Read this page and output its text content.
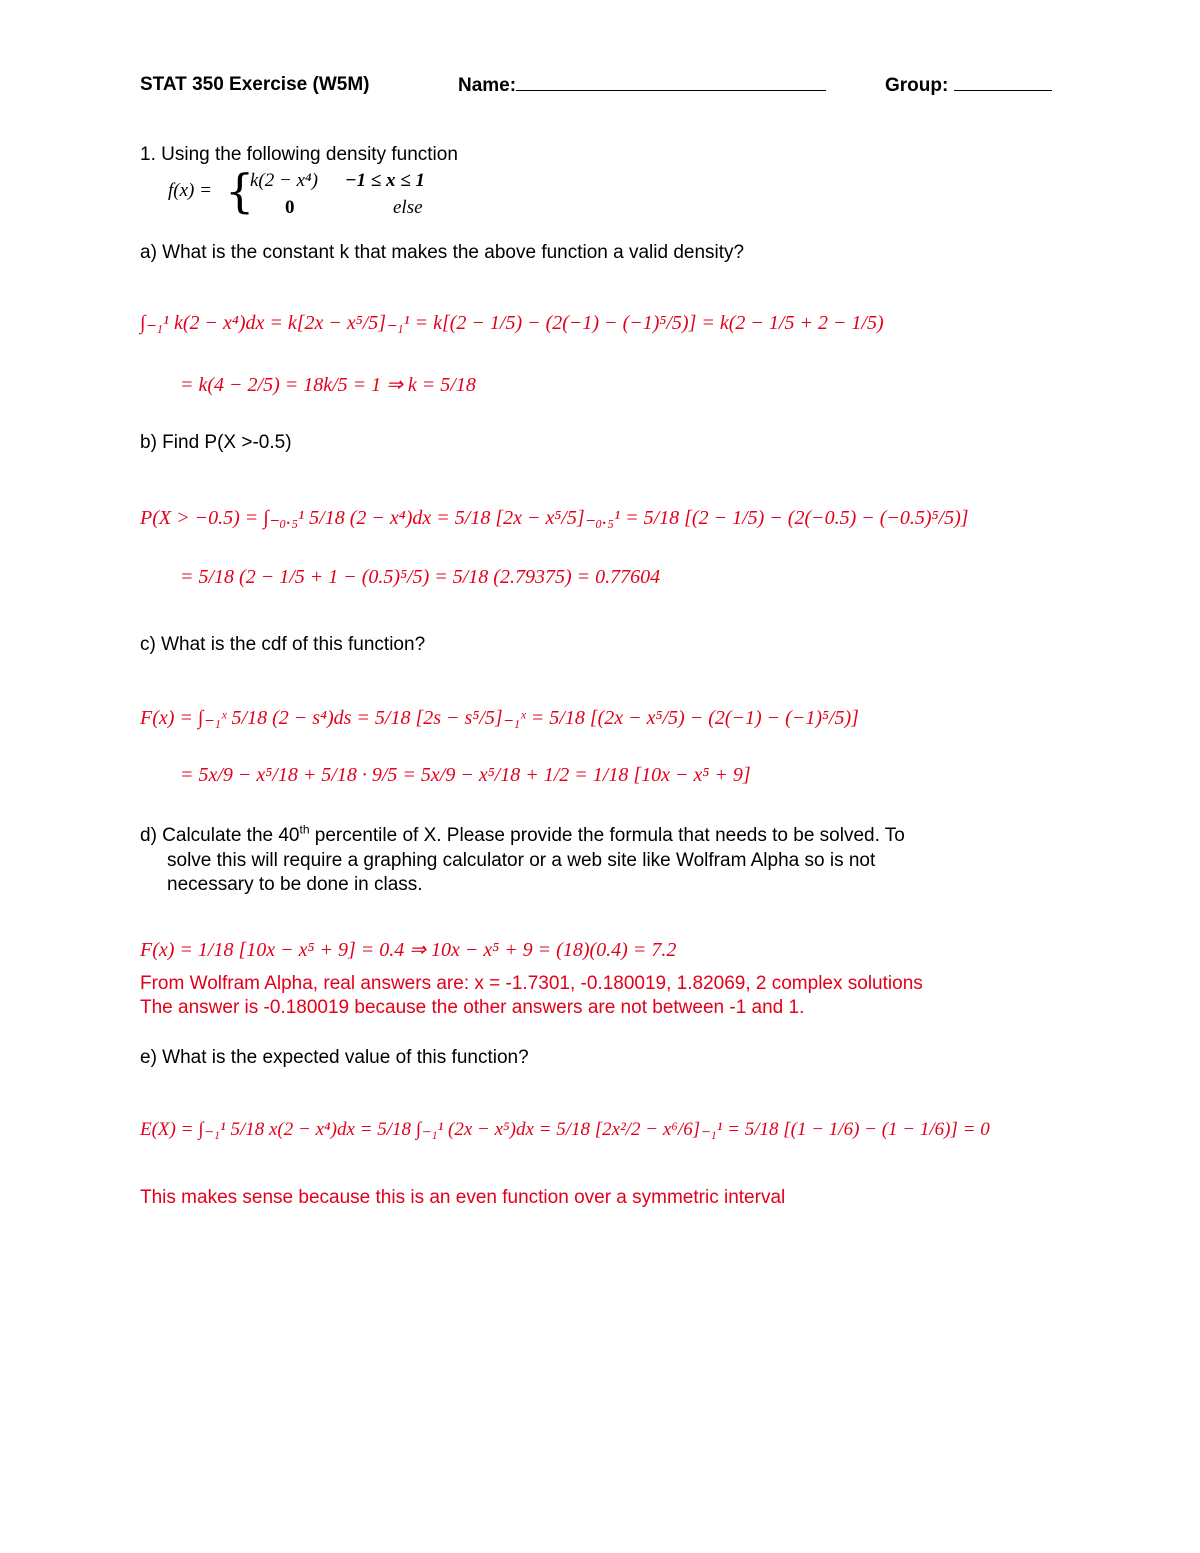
STAT 350 Exercise (W5M)	Name:	Group:
1. Using the following density function
f(x) = {
k(2 − x⁴) −1 ≤ x ≤ 1
0	else
a) What is the constant k that makes the above function a valid density?
∫₋₁¹ k(2 − x⁴)dx = k[2x − x⁵/5]₋₁¹ = k[(2 − 1/5) − (2(−1) − (−1)⁵/5)] = k(2 − 1/5 + 2 − 1/5)
= k(4 − 2/5) = 18k/5 = 1 ⇒ k = 5/18
b) Find P(X >-0.5)
P(X > −0.5) = ∫₋₀.₅¹ 5/18 (2 − x⁴)dx = 5/18 [2x − x⁵/5]₋₀.₅¹ = 5/18 [(2 − 1/5) − (2(−0.5) − (−0.5)⁵/5)]
= 5/18 (2 − 1/5 + 1 − (0.5)⁵/5) = 5/18 (2.79375) = 0.77604
c) What is the cdf of this function?
F(x) = ∫₋₁ˣ 5/18 (2 − s⁴)ds = 5/18 [2s − s⁵/5]₋₁ˣ = 5/18 [(2x − x⁵/5) − (2(−1) − (−1)⁵/5)]
= 5x/9 − x⁵/18 + 5/18 · 9/5 = 5x/9 − x⁵/18 + 1/2 = 1/18 [10x − x⁵ + 9]
d) Calculate the 40th percentile of X. Please provide the formula that needs to be solved. To
solve this will require a graphing calculator or a web site like Wolfram Alpha so is not
necessary to be done in class.
F(x) = 1/18 [10x − x⁵ + 9] = 0.4 ⇒ 10x − x⁵ + 9 = (18)(0.4) = 7.2
From Wolfram Alpha, real answers are: x = -1.7301, -0.180019, 1.82069, 2 complex solutions
The answer is -0.180019 because the other answers are not between -1 and 1.
e) What is the expected value of this function?
E(X) = ∫₋₁¹ 5/18 x(2 − x⁴)dx = 5/18 ∫₋₁¹ (2x − x⁵)dx = 5/18 [2x²/2 − x⁶/6]₋₁¹ = 5/18 [(1 − 1/6) − (1 − 1/6)] = 0
This makes sense because this is an even function over a symmetric interval
